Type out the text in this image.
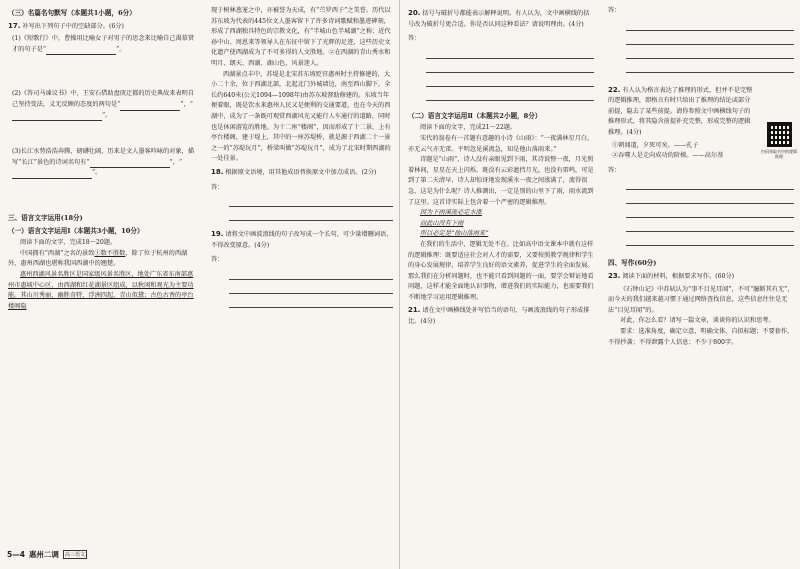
（三）名篇名句默写（本题共1小题，6分）
17. 补写出下列句子中的空缺部分。(6分)
(1)《短歌行》中，曹操用比喻女子对男子的思念来比喻自己渴慕贤才的句子是“	”。
(2)《答司马谏议书》中，王安石借助盘庚迁都的历史典故来表明自己坚持变法，义无反顾的态度的两句是“	”，“”。
(3)长江水势浩浩奔腾，磅礴壮阔，历来是文人墨客吟咏的对象，描写“长江”景色的诗词名句有“	”，“”。
三、语言文字运用(18分)
（一）语言文字运用Ⅰ（本题共3小题，10分）
阅读下面的文字，完成18～20题。
中国拥有“西湖”之名的景致①数不胜数，除了位于杭州的西湖外，惠州西湖也堪称我国西湖中的翘楚。
惠州西湖风景名胜区是国家级风景名胜区，地处广东省东南部惠州市惠城中心区，由西湖和红花湖景区组成，以秋闲和观光为主要功能。其山川秀丽，幽胜奇特，浮洲四起，青山似黛；古色古香的亭台楼阁隐
现于树林葱茏之中，亦被誉为天成，有“苎罗西子”之美誉。历代以苏东坡为代表的445位文人墨客留下了许多诗词歌赋和墨迹碑刻，形成了西湖独具特色的宗教文化，有“半城山色半城湖”之称；近代孙中山、周恩来等领导人在东征中留下了光辉的足迹，这些历史文化遗产使西湖成为了不可多得的人文胜地。②在西湖的青山秀水和明月、朗天、西湖、湖山色、风景迷人。
西湖景点丰中，苏堤是北宋苏东坡贬官惠州时主持修建的，大小二十余，位于西湖北部，北起北门外城墙边，南至西山脚下，全长约640米(公元1094—1098年)由苏东坡督助修建的。东坡当年便着眼，既是饮水来惠州人民又是便利的交通要道，也在今天的西湖中，成为了一条既可观赏西湖风光又能行人车通行的道路，同时也是休闲游览的胜地。为十二座“楼阁”，因而形成了十二景，上有亭台楼阁，建于堤上，其中的一座苏堤桥，就是源于西湖二十一景之一的“苏堤玩月”，桥梁叫做“苏堤玩月”，成为了北宋时期西湖的一处佳景。
18. 根据原文语境，用其他成语替换原文中加点成语。(2分)
答：
19. 请将文中画波浪线的句子改写成一个长句，可少量增删词语，不得改变原意。(4分)
答：
20. 括号与破折号都能表示解释说明。有人认为，文中画横线的括号改为破折号更合适。你是否认同这种看法？请说明理由。(4分)
答：
（二）语言文字运用Ⅱ（本题共2小题，8分）
阅读下面的文字，完成21～22题。
宋代的翁卷有一首题有意趣的小诗《山雨》：“一夜满林星月白，亦无云气亦无雷。平明忽见溪流急，知是他山落雨来。”
诗题是“山雨”，诗人没有亲眼见到下雨，其诗说整一夜，月光照着林间，星星在天上闪烁，既没有云彩遮挡月光，也没有雷鸣，可是到了第二天清早，诗人却惊讶地发现溪水一夜之间涨满了，流得很急，这是为什么呢？诗人推测出，一定是别的山里下了雨，雨水流到了这里。这首诗实际上包含着一个严密的逻辑推理。
因为下雨溪流必定水涨
而此山没有下雨
所以必定是“他山落雨来”
在我们的生活中，逻辑无处不在。比如高中语文课本中就有这样的逻辑推理：既要适应社会对人才的需要，又要按照教学规律和学生的身心发展规律，培养学生良好的语文素养，促进学生的全面发展。那么我们在分析问题时，也不能只看到问题的一面，要学会辩证地看问题，这样才能全面地认识事物，增进我们的实际能力，也需要我们不断地学习运用逻辑推理。
21. 请在文中画横线处补写恰当的语句，与画波浪线的句子形成排比。(4分)
答：
22. 有人认为格言表达了推理的形式，但并不是完整的逻辑推理，即格言有时只给出了推理的结论或部分前提，隐去了某些前提。请你参照文中画横线句子的推理形式，将其隐含前提补充完整，形成完整的逻辑推理。(4分)
①朝闻道，夕死可矣。——孔子
②吞噬人是走向成功的阶梯。——高尔基
答：
四、写作(60分)
23. 阅读下面的材料，根据要求写作。(60分)
《石钟山记》中苏轼认为“事不目见耳闻”，不可“臆断其有无”，而今天的我们越来越习惯于通过网络查找信息，这些信息往往是无法“目见耳闻”的。
对此，你怎么看？请写一篇文章，谈谈你的认识和思考。
要求：选准角度，确定立意，明确文体，自拟标题；不要套作，不得抄袭；不得泄露个人信息；不少于800字。
扫码领取书中的逻辑推理
5—4 惠州二调	高三语文
